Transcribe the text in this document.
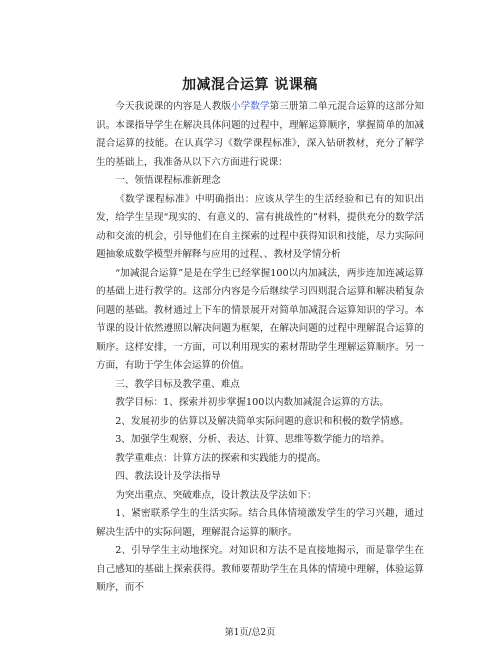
加减混合运算 说课稿

今天我说课的内容是人教版小学数学第三册第二单元混合运算的这部分知识。本课指导学生在解决具体问题的过程中，理解运算顺序，掌握简单的加减混合运算的技能。在认真学习《数学课程标准》，深入钻研教材，充分了解学生的基础上，我准备从以下六方面进行说课：

一、领悟课程标准新理念

《数学课程标准》中明确指出：应该从学生的生活经验和已有的知识出发，给学生呈现“现实的、有意义的、富有挑战性的”材料，提供充分的数学活动和交流的机会，引导他们在自主探索的过程中获得知识和技能，尽力实际问题抽象成数学模型并解释与应用的过程、、教材及学情分析

“加减混合运算”是是在学生已经掌握100以内加减法，两步连加连减运算的基础上进行教学的。这部分内容是今后继续学习四则混合运算和解决稍复杂问题的基础。教材通过上下车的情景展开对简单加减混合运算知识的学习。本节课的设计依然遵照以解决问题为框架，在解决问题的过程中理解混合运算的顺序。这样安排，一方面，可以利用现实的素材帮助学生理解运算顺序。另一方面，有助于学生体会运算的价值。

三、教学目标及教学重、难点

教学目标：1、探索并初步掌握100以内数加减混合运算的方法。

2、发展初步的估算以及解决简单实际问题的意识和积极的数学情感。

3、加强学生观察、分析、表达、计算、思维等数学能力的培养。

教学重难点：计算方法的探索和实践能力的提高。

四、教法设计及学法指导

为突出重点、突破难点，设计教法及学法如下：

1、紧密联系学生的生活实际。结合具体情境激发学生的学习兴趣，通过解决生活中的实际问题，理解混合运算的顺序。

2、引导学生主动地探究。对知识和方法不是直接地揭示，而是靠学生在自己感知的基础上探索获得。教师要帮助学生在具体的情境中理解，体验运算顺序，而不

第1页/总2页
